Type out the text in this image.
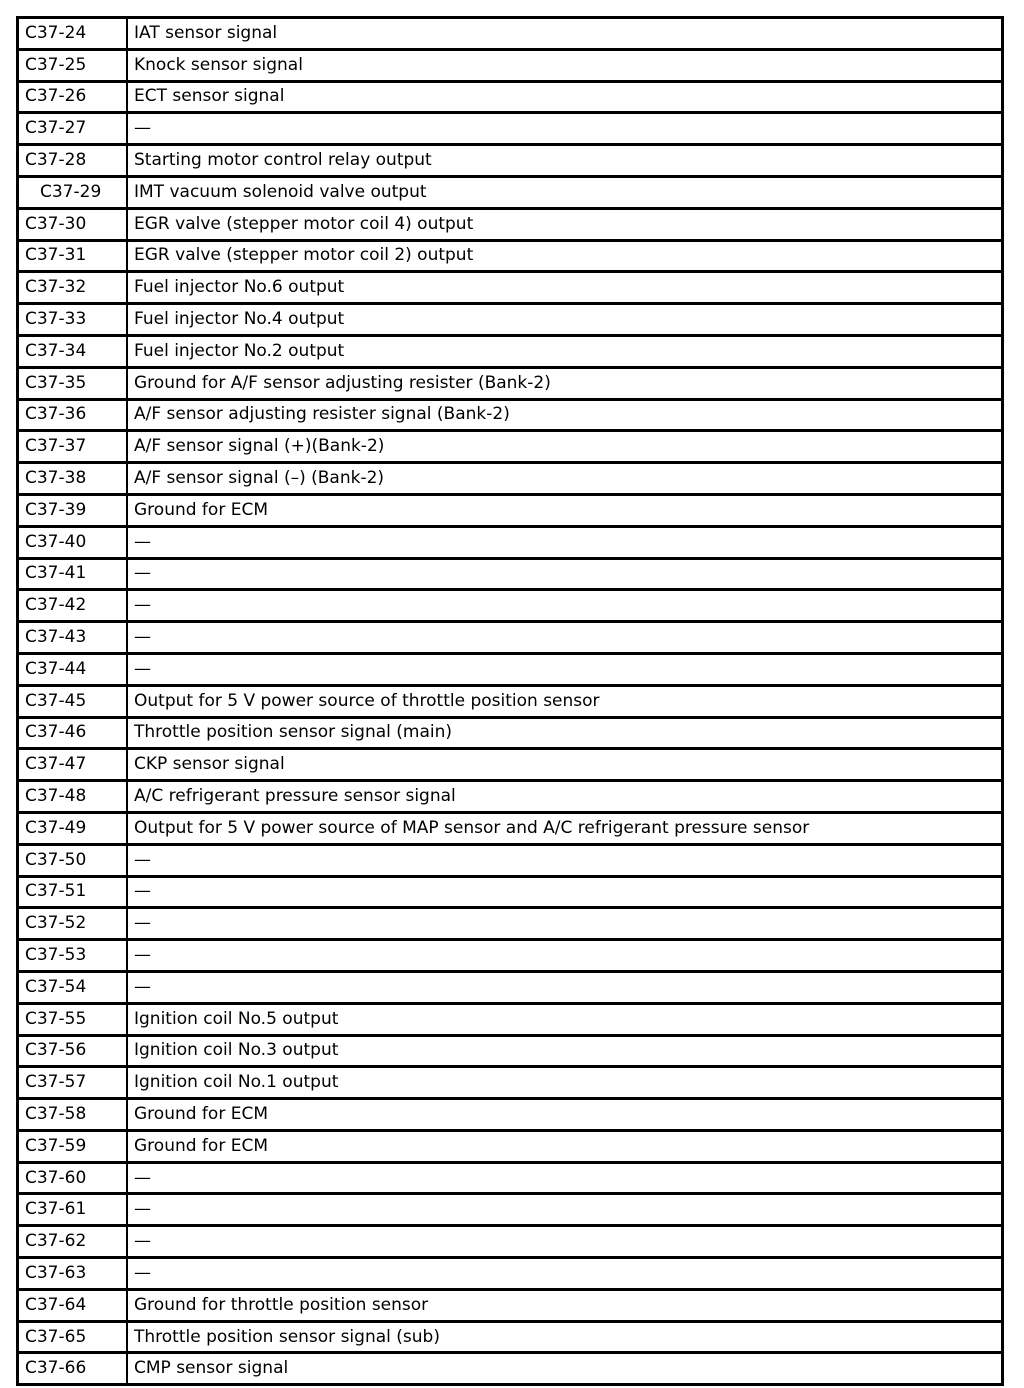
C37-24	IAT sensor signal
C37-25	Knock sensor signal
C37-26	ECT sensor signal
C37-27	—
C37-28	Starting motor control relay output
C37-29	IMT vacuum solenoid valve output
C37-30	EGR valve (stepper motor coil 4) output
C37-31	EGR valve (stepper motor coil 2) output
C37-32	Fuel injector No.6 output
C37-33	Fuel injector No.4 output
C37-34	Fuel injector No.2 output
C37-35	Ground for A/F sensor adjusting resister (Bank-2)
C37-36	A/F sensor adjusting resister signal (Bank-2)
C37-37	A/F sensor signal (+)(Bank-2)
C37-38	A/F sensor signal (–) (Bank-2)
C37-39	Ground for ECM
C37-40	—
C37-41	—
C37-42	—
C37-43	—
C37-44	—
C37-45	Output for 5 V power source of throttle position sensor
C37-46	Throttle position sensor signal (main)
C37-47	CKP sensor signal
C37-48	A/C refrigerant pressure sensor signal
C37-49	Output for 5 V power source of MAP sensor and A/C refrigerant pressure sensor
C37-50	—
C37-51	—
C37-52	—
C37-53	—
C37-54	—
C37-55	Ignition coil No.5 output
C37-56	Ignition coil No.3 output
C37-57	Ignition coil No.1 output
C37-58	Ground for ECM
C37-59	Ground for ECM
C37-60	—
C37-61	—
C37-62	—
C37-63	—
C37-64	Ground for throttle position sensor
C37-65	Throttle position sensor signal (sub)
C37-66	CMP sensor signal
